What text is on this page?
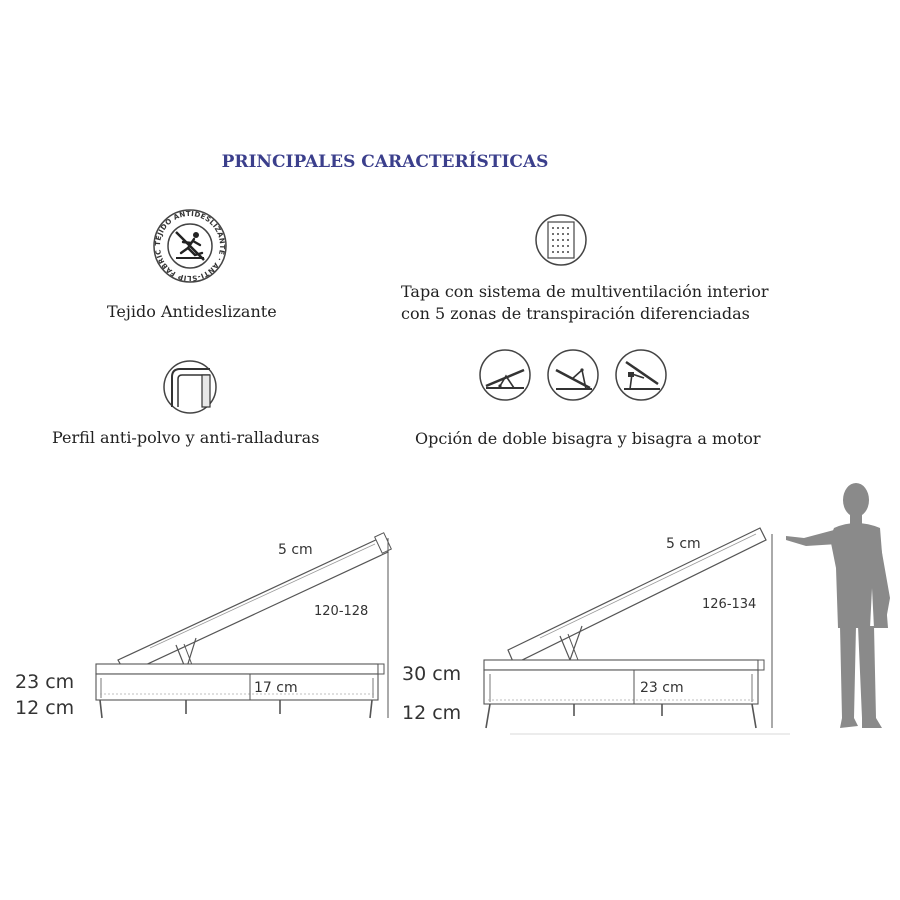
PRINCIPALES CARACTERÍSTICAS
TEJIDO ANTIDESLIZANTE · ANTI-SLIP FABRIC
Tejido Antideslizante
Tapa con sistema de multiventilación interior
con 5 zonas de transpiración diferenciadas
Perfil anti-polvo y anti-ralladuras	Opción de doble bisagra y bisagra a motor
5 cm
120-128
17 cm
23 cm
12 cm
5 cm
126-134
23 cm
30 cm
12 cm
